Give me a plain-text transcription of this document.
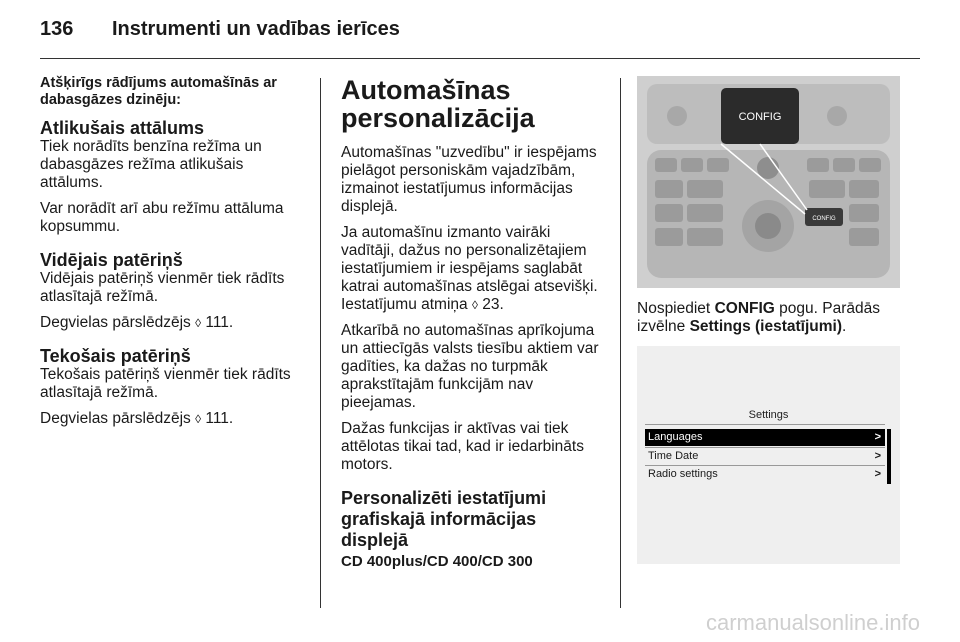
136 Instrumenti un vadības ierīces
Atšķirīgs rādījums automašīnās ar dabasgāzes dzinēju:
Atlikušais attālums

Tiek norādīts benzīna režīma un dabasgāzes režīma atlikušais attālums.

Var norādīt arī abu režīmu attāluma kopsummu.

Vidējais patēriņš

Vidējais patēriņš vienmēr tiek rādīts atlasītajā režīmā.

Degvielas pārslēdzējs ◊ 111.

Tekošais patēriņš

Tekošais patēriņš vienmēr tiek rādīts atlasītajā režīmā.

Degvielas pārslēdzējs ◊ 111.

Automašīnas personalizācija

Automašīnas "uzvedību" ir iespējams pielāgot personiskām vajadzībām, izmainot iestatījumus informācijas displejā.

Ja automašīnu izmanto vairāki vadītāji, dažus no personalizētajiem iestatījumiem ir iespējams saglabāt katrai automašīnas atslēgai atsevišķi. Iestatījumu atmiņa ◊ 23.

Atkarībā no automašīnas aprīkojuma un attiecīgās valsts tiesību aktiem var gadīties, ka dažas no turpmāk aprakstītajām funkcijām nav pieejamas.

Dažas funkcijas ir aktīvas vai tiek attēlotas tikai tad, kad ir iedarbināts motors.

Personalizēti iestatījumi grafiskajā informācijas displejā
CD 400plus/CD 400/CD 300
CONFIG
CONFIG

Nospiediet CONFIG pogu. Parādās izvēlne Settings (iestatījumi).

Settings
Languages	>
Time Date	>
Radio settings	>
carmanualsonline.info
